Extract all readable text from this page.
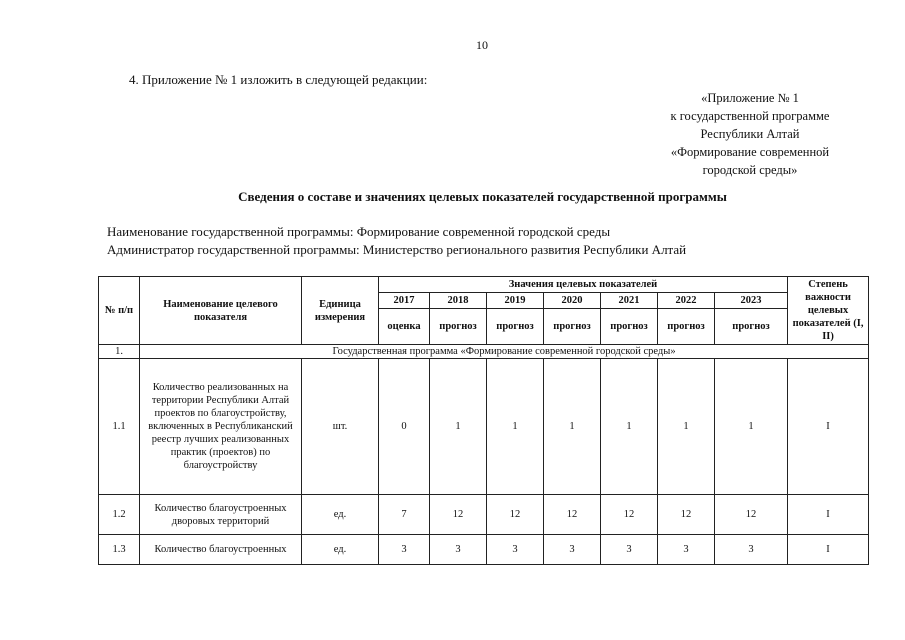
10
4. Приложение № 1 изложить в следующей редакции:
«Приложение № 1
к государственной программе
Республики Алтай
«Формирование современной
городской среды»
Сведения о составе и значениях целевых показателей государственной программы
Наименование государственной программы: Формирование современной городской среды
Администратор государственной программы: Министерство регионального развития Республики Алтай
№ п/п	Наименование целевого показателя	Единица измерения	Значения целевых показателей							Степень важности целевых показателей (I, II)
			2017	2018	2019	2020	2021	2022	2023	
			оценка	прогноз	прогноз	прогноз	прогноз	прогноз	прогноз	
1.	Государственная программа «Формирование современной городской среды»									
1.1	Количество реализованных на территории Республики Алтай проектов по благоустройству, включенных в Республиканский реестр лучших реализованных практик (проектов) по благоустройству	шт.	0	1	1	1	1	1	1	I
1.2	Количество благоустроенных дворовых территорий	ед.	7	12	12	12	12	12	12	I
1.3	Количество благоустроенных	ед.	3	3	3	3	3	3	3	I
